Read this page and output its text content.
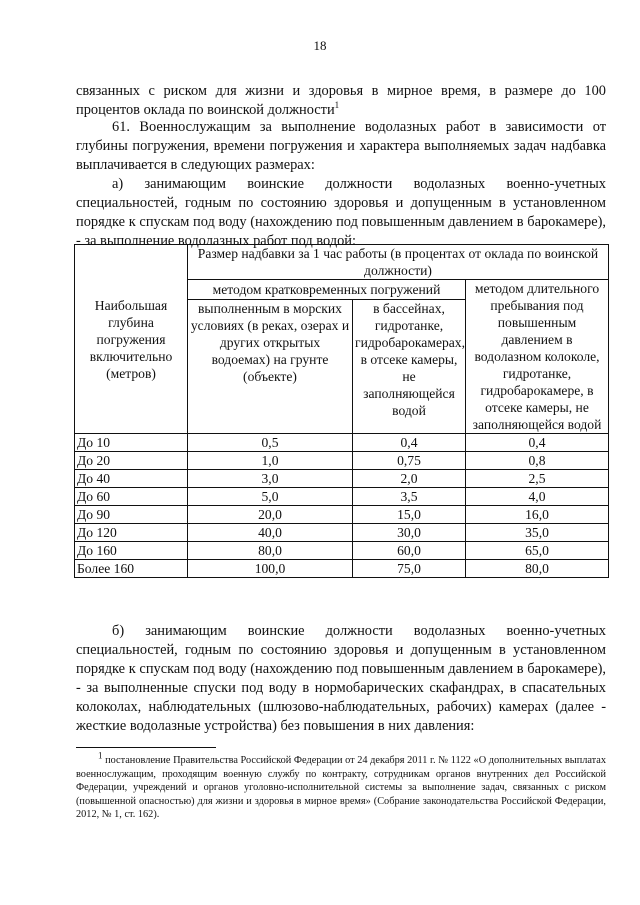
18

связанных с риском для жизни и здоровья в мирное время, в размере до 100 процентов оклада по воинской должности$^1$

61. Военнослужащим за выполнение водолазных работ в зависимости от глубины погружения, времени погружения и характера выполняемых задач надбавка выплачивается в следующих размерах:

а) занимающим воинские должности водолазных военно-учетных специальностей, годным по состоянию здоровья и допущенным в установленном порядке к спускам под воду (нахождению под повышенным давлением в барокамере), - за выполнение водолазных работ под водой:

Наибольшая глубина погружения включительно (метров)	Размер надбавки за 1 час работы (в процентах от оклада по воинской должности)		
	методом кратковременных погружений		методом длительного пребывания под повышенным давлением в водолазном колоколе, гидротанке, гидробарокамере, в отсеке камеры, не заполняющейся водой
	выполненным в морских условиях (в реках, озерах и других открытых водоемах) на грунте (объекте)	в бассейнах, гидротанке, гидробарокамерах, в отсеке камеры, не заполняющейся водой	
До 10	0,5	0,4	0,4
До 20	1,0	0,75	0,8
До 40	3,0	2,0	2,5
До 60	5,0	3,5	4,0
До 90	20,0	15,0	16,0
До 120	40,0	30,0	35,0
До 160	80,0	60,0	65,0
Более 160	100,0	75,0	80,0

$^1$ постановление Правительства Российской Федерации от 24 декабря 2011 г. № 1122 «О дополнительных выплатах военнослужащим, проходящим военную службу по контракту, сотрудникам органов внутренних дел Российской Федерации, учреждений и органов уголовно-исполнительной системы за выполнение задач, связанных с риском (повышенной опасностью) для жизни и здоровья в мирное время» (Собрание законодательства Российской Федерации, 2012, № 1, ст. 162).

б) занимающим воинские должности водолазных военно-учетных специальностей, годным по состоянию здоровья и допущенным в установленном порядке к спускам под воду (нахождению под повышенным давлением в барокамере), - за выполненные спуски под воду в нормобарических скафандрах, в спасательных колоколах, наблюдательных (шлюзово-наблюдательных, рабочих) камерах (далее - жесткие водолазные устройства) без повышения в них давления:
